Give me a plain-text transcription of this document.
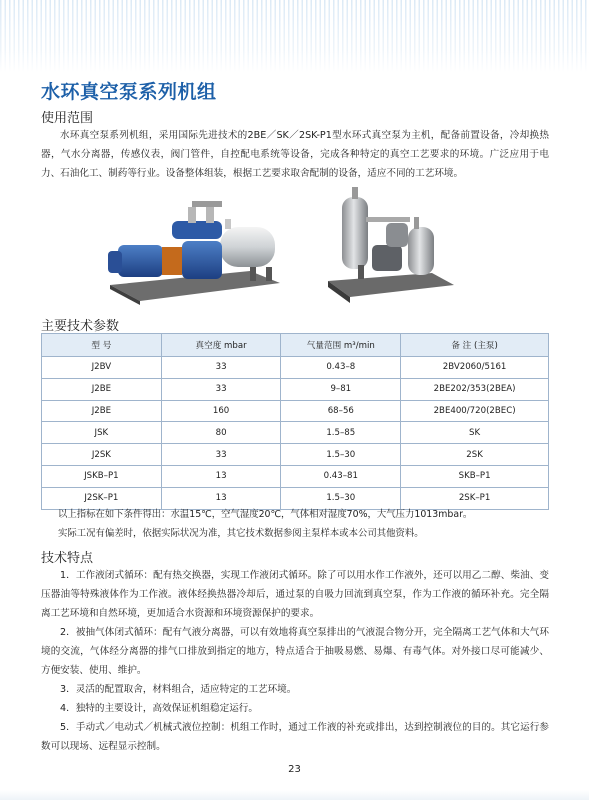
水环真空泵系列机组
使用范围
水环真空泵系列机组，采用国际先进技术的2BE／SK／2SK-P1型水环式真空泵为主机，配备前置设备，冷却换热器，气水分离器，传感仪表，阀门管件，自控配电系统等设备，完成各种特定的真空工艺要求的环境。广泛应用于电力、石油化工、制药等行业。设备整体组装，根据工艺要求取舍配制的设备，适应不同的工艺环境。
主要技术参数
型 号	真空度 mbar	气量范围 m³/min	备 注 (主泵)
J2BV	33	0.43–8	2BV2060/5161
J2BE	33	9–81	2BE202/353(2BEA)
J2BE	160	68–56	2BE400/720(2BEC)
JSK	80	1.5–85	SK
J2SK	33	1.5–30	2SK
JSKB–P1	13	0.43–81	SKB–P1
J2SK–P1	13	1.5–30	2SK–P1
以上指标在如下条件得出：水温15℃，空气湿度20℃，气体相对湿度70%，大气压力1013mbar。
实际工况有偏差时，依据实际状况为准，其它技术数据参阅主泵样本或本公司其他资料。
技术特点
1．工作液闭式循环：配有热交换器，实现工作液闭式循环。除了可以用水作工作液外，还可以用乙二醇、柴油、变压器油等特殊液体作为工作液。液体经换热器冷却后，通过泵的自吸力回流到真空泵，作为工作液的循环补充。完全隔离工艺环境和自然环境，更加适合水资源和环境资源保护的要求。
2．被抽气体闭式循环：配有气液分离器，可以有效地将真空泵排出的气液混合物分开，完全隔离工艺气体和大气环境的交流，气体经分离器的排气口排放到指定的地方，特点适合于抽吸易燃、易爆、有毒气体。对外接口尽可能减少、方便安装、使用、维护。
3．灵活的配置取舍，材料组合，适应特定的工艺环境。
4．独特的主要设计，高效保证机组稳定运行。
5．手动式／电动式／机械式液位控制：机组工作时，通过工作液的补充或排出，达到控制液位的目的。其它运行参数可以现场、远程显示控制。
23
